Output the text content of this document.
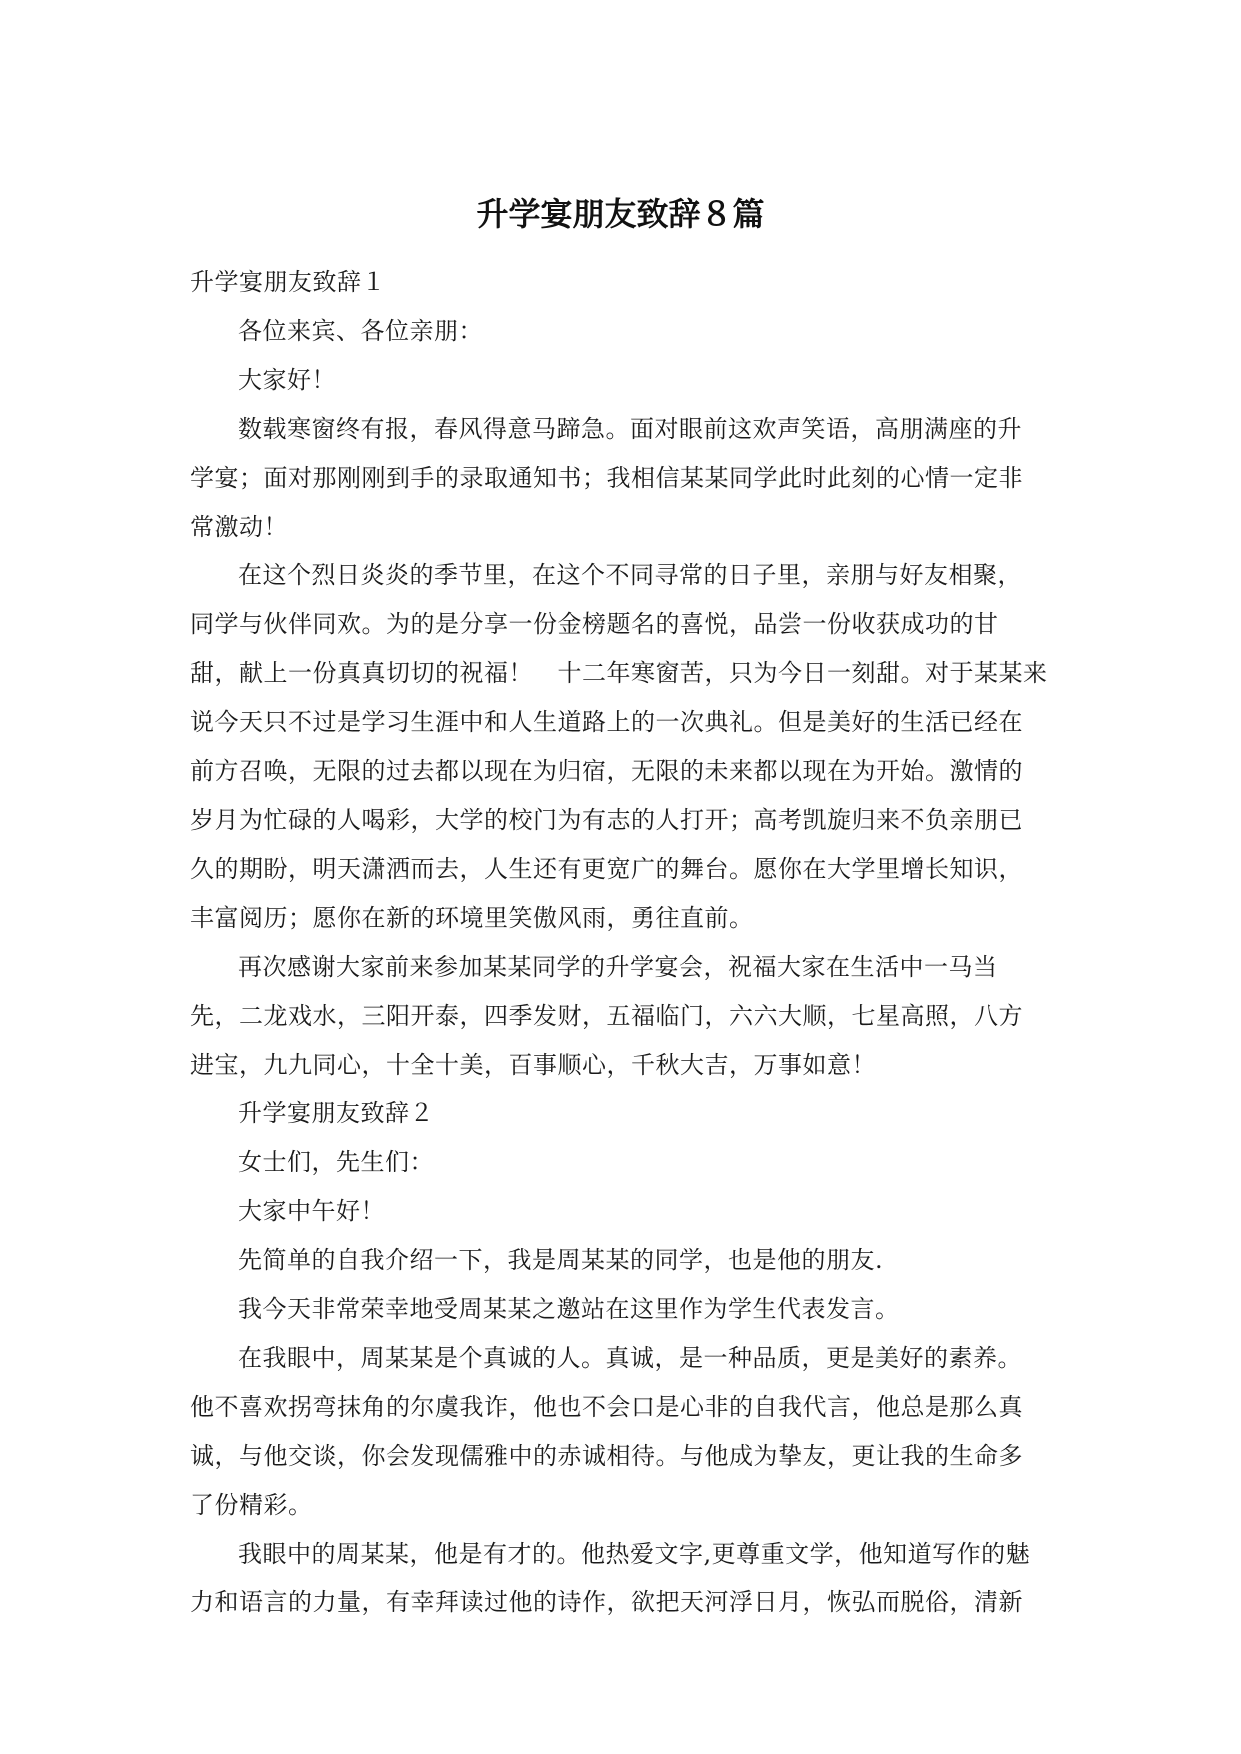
升学宴朋友致辞８篇

升学宴朋友致辞１

各位来宾、各位亲朋：

大家好！

数载寒窗终有报，春风得意马蹄急。面对眼前这欢声笑语，高朋满座的升

学宴；面对那刚刚到手的录取通知书；我相信某某同学此时此刻的心情一定非

常激动！

在这个烈日炎炎的季节里，在这个不同寻常的日子里，亲朋与好友相聚，

同学与伙伴同欢。为的是分享一份金榜题名的喜悦，品尝一份收获成功的甘

甜，献上一份真真切切的祝福！　十二年寒窗苦，只为今日一刻甜。对于某某来

说今天只不过是学习生涯中和人生道路上的一次典礼。但是美好的生活已经在

前方召唤，无限的过去都以现在为归宿，无限的未来都以现在为开始。激情的

岁月为忙碌的人喝彩，大学的校门为有志的人打开；高考凯旋归来不负亲朋已

久的期盼，明天潇洒而去，人生还有更宽广的舞台。愿你在大学里增长知识，

丰富阅历；愿你在新的环境里笑傲风雨，勇往直前。

再次感谢大家前来参加某某同学的升学宴会，祝福大家在生活中一马当

先，二龙戏水，三阳开泰，四季发财，五福临门，六六大顺，七星高照，八方

进宝，九九同心，十全十美，百事顺心，千秋大吉，万事如意！

升学宴朋友致辞２

女士们，先生们：

大家中午好！

先简单的自我介绍一下，我是周某某的同学，也是他的朋友.

我今天非常荣幸地受周某某之邀站在这里作为学生代表发言。

在我眼中，周某某是个真诚的人。真诚，是一种品质，更是美好的素养。

他不喜欢拐弯抹角的尔虞我诈，他也不会口是心非的自我代言，他总是那么真

诚，与他交谈，你会发现儒雅中的赤诚相待。与他成为挚友，更让我的生命多

了份精彩。

我眼中的周某某，他是有才的。他热爱文字,更尊重文学，他知道写作的魅

力和语言的力量，有幸拜读过他的诗作，欲把天河浮日月，恢弘而脱俗，清新
